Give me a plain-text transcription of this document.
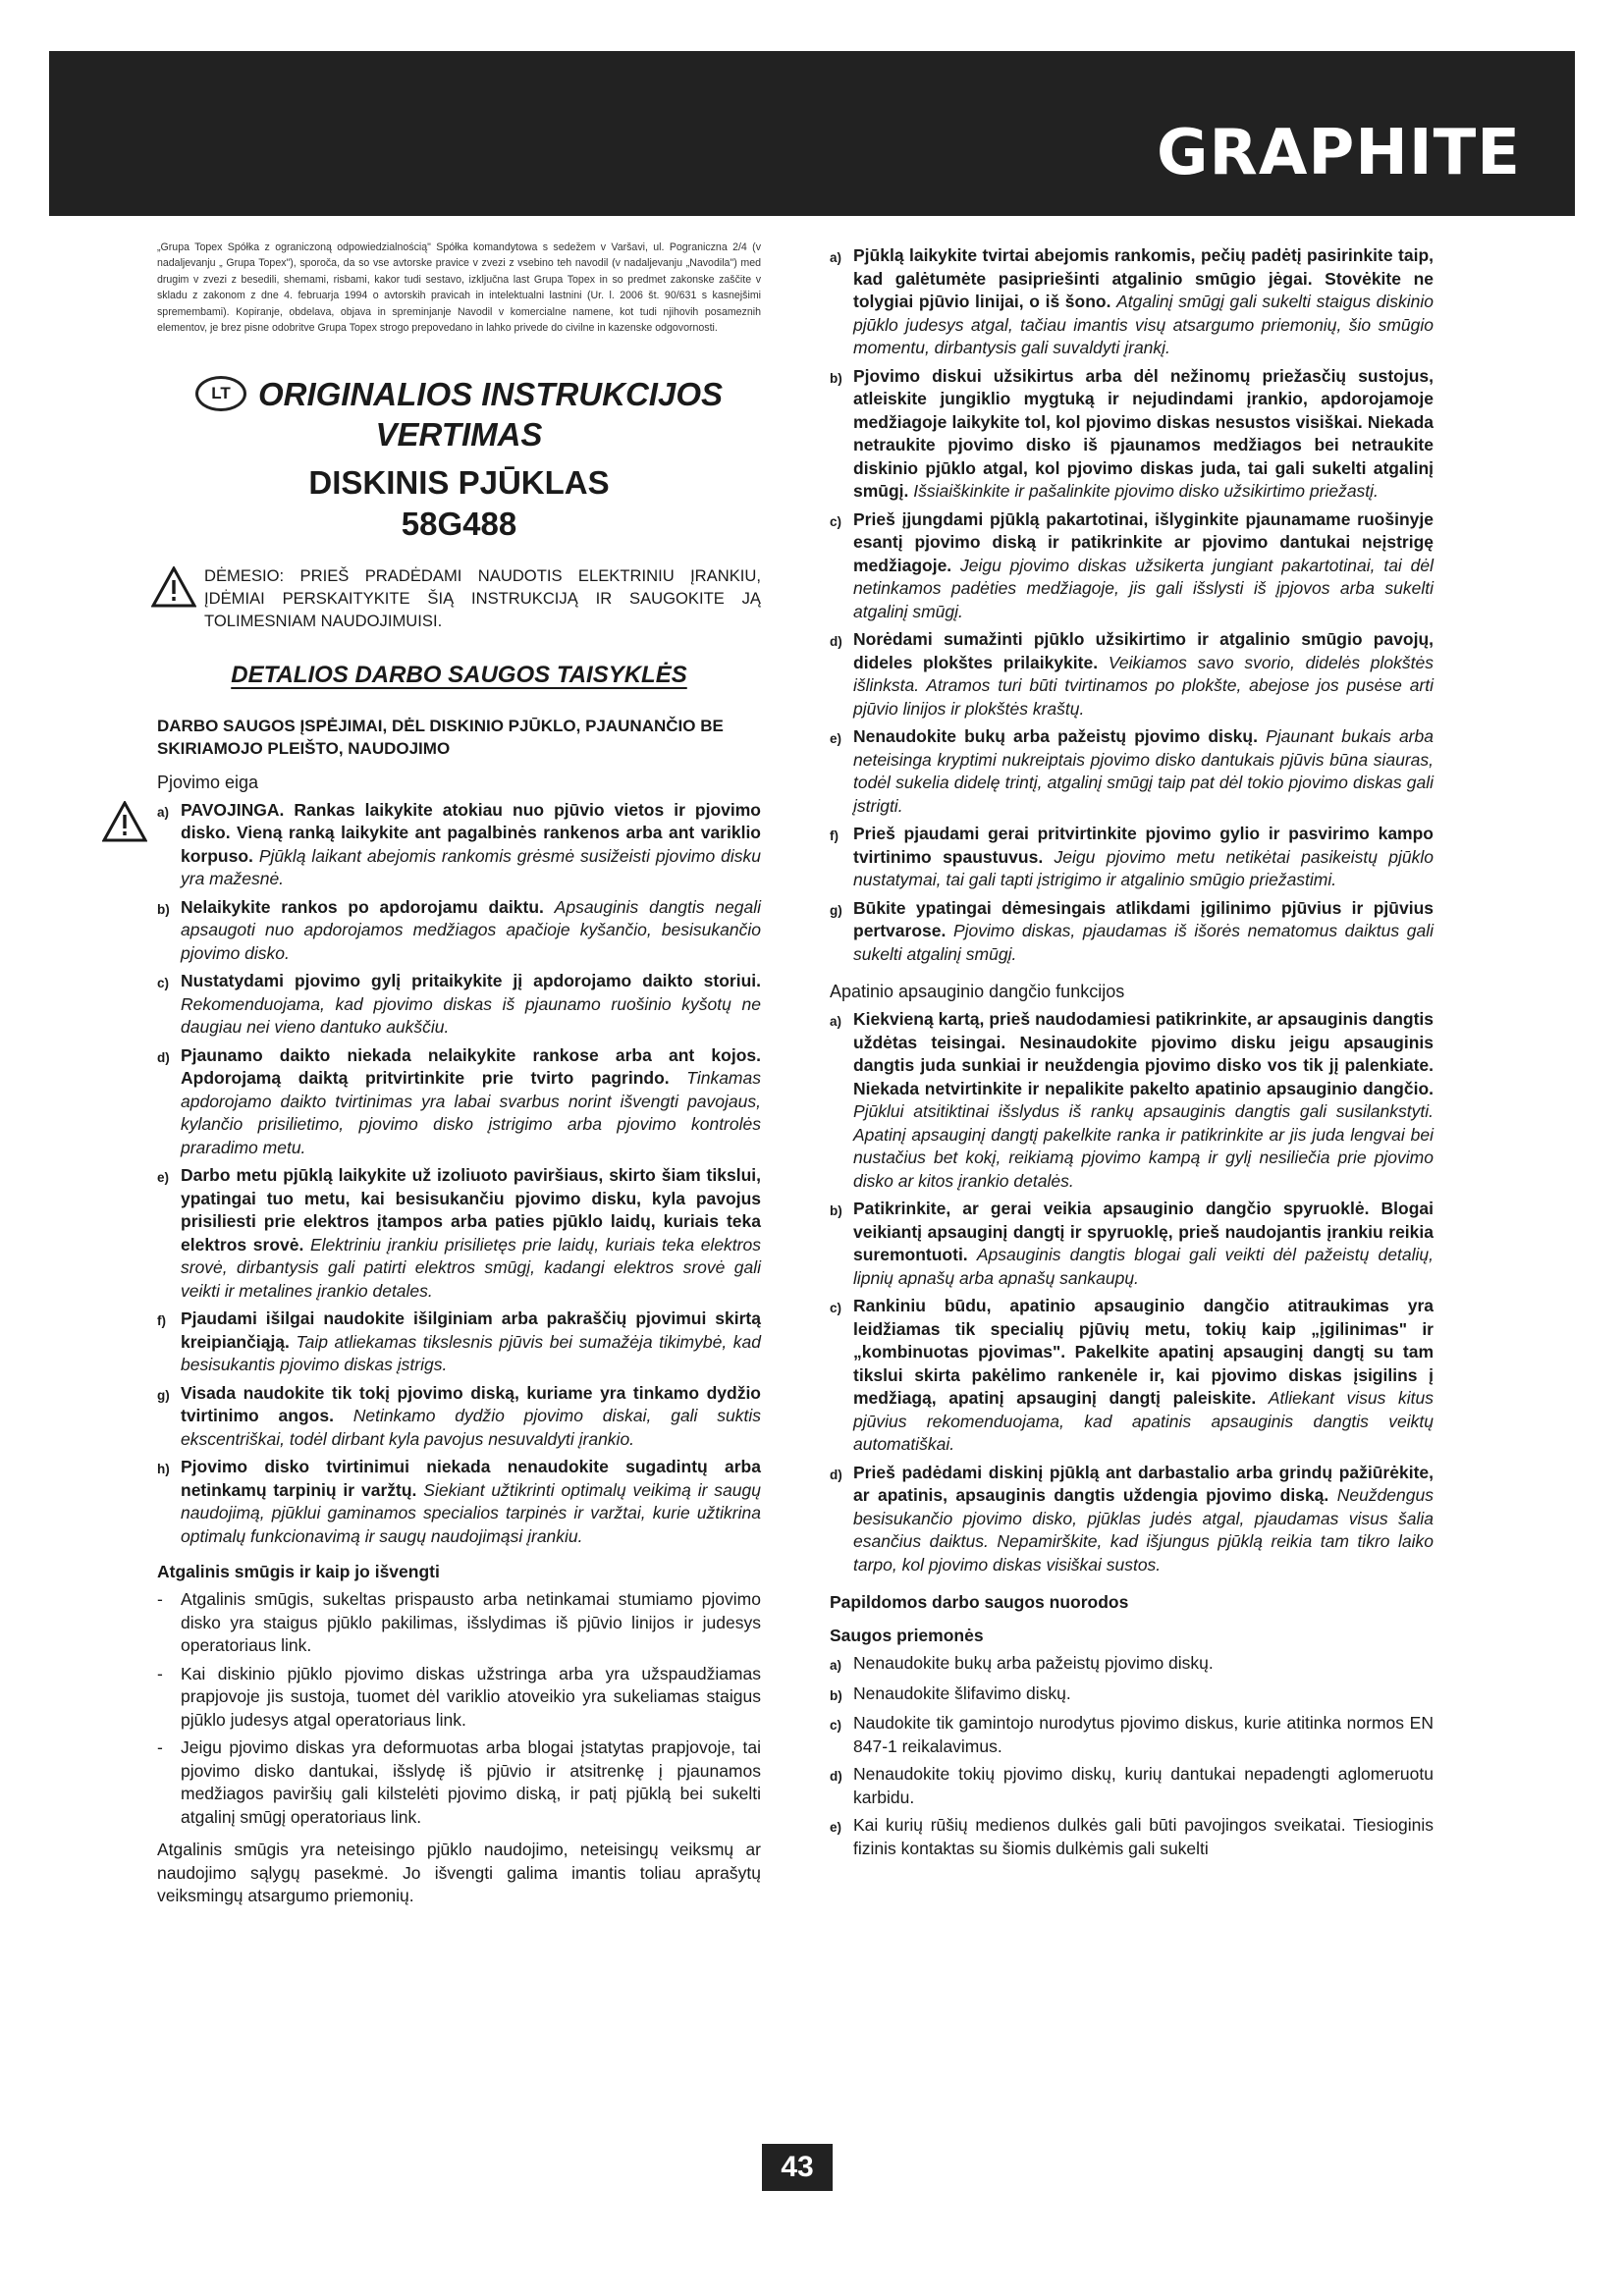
GRAPHITE

„Grupa Topex Spółka z ograniczoną odpowiedzialnością" Spółka komandytowa s sedežem v Varšavi, ul. Pograniczna 2/4 (v nadaljevanju „ Grupa Topex"), sporoča, da so vse avtorske pravice v zvezi z vsebino teh navodil (v nadaljevanju „Navodila") med drugim v zvezi z besedili, shemami, risbami, kakor tudi sestavo, izključna last Grupa Topex in so predmet zakonske zaščite v skladu z zakonom z dne 4. februarja 1994 o avtorskih pravicah in intelektualni lastnini (Ur. l. 2006 št. 90/631 s kasnejšimi spremembami). Kopiranje, obdelava, objava in spreminjanje Navodil v komercialne namene, kot tudi njihovih posameznih elementov, je brez pisne odobritve Grupa Topex strogo prepovedano in lahko privede do civilne in kazenske odgovornosti.

LT ORIGINALIOS INSTRUKCIJOS
VERTIMAS
DISKINIS PJŪKLAS
58G488
DĖMESIO: PRIEŠ PRADĖDAMI NAUDOTIS ELEKTRINIU ĮRANKIU, ĮDĖMIAI PERSKAITYKITE ŠIĄ INSTRUKCIJĄ IR SAUGOKITE JĄ TOLIMESNIAM NAUDOJIMUISI.
DETALIOS DARBO SAUGOS TAISYKLĖS
DARBO SAUGOS ĮSPĖJIMAI, DĖL DISKINIO PJŪKLO, PJAUNANČIO BE SKIRIAMOJO PLEIŠTO, NAUDOJIMO
Pjovimo eiga
a) PAVOJINGA. Rankas laikykite atokiau nuo pjūvio vietos ir pjovimo disko. Vieną ranką laikykite ant pagalbinės rankenos arba ant variklio korpuso. Pjūklą laikant abejomis rankomis grėsmė susižeisti pjovimo disku yra mažesnė.
b) Nelaikykite rankos po apdorojamu daiktu. Apsauginis dangtis negali apsaugoti nuo apdorojamos medžiagos apačioje kyšančio, besisukančio pjovimo disko.
c) Nustatydami pjovimo gylį pritaikykite jį apdorojamo daikto storiui. Rekomenduojama, kad pjovimo diskas iš pjaunamo ruošinio kyšotų ne daugiau nei vieno dantuko aukščiu.
d) Pjaunamo daikto niekada nelaikykite rankose arba ant kojos. Apdorojamą daiktą pritvirtinkite prie tvirto pagrindo. Tinkamas apdorojamo daikto tvirtinimas yra labai svarbus norint išvengti pavojaus, kylančio prisilietimo, pjovimo disko įstrigimo arba pjovimo kontrolės praradimo metu.
e) Darbo metu pjūklą laikykite už izoliuoto paviršiaus, skirto šiam tikslui, ypatingai tuo metu, kai besisukančiu pjovimo disku, kyla pavojus prisiliesti prie elektros įtampos arba paties pjūklo laidų, kuriais teka elektros srovė. Elektriniu įrankiu prisilietęs prie laidų, kuriais teka elektros srovė, dirbantysis gali patirti elektros smūgį, kadangi elektros srovė gali veikti ir metalines įrankio detales.
f) Pjaudami išilgai naudokite išilginiam arba pakraščių pjovimui skirtą kreipiančiąją. Taip atliekamas tikslesnis pjūvis bei sumažėja tikimybė, kad besisukantis pjovimo diskas įstrigs.
g) Visada naudokite tik tokį pjovimo diską, kuriame yra tinkamo dydžio tvirtinimo angos. Netinkamo dydžio pjovimo diskai, gali suktis ekscentriškai, todėl dirbant kyla pavojus nesuvaldyti įrankio.
h) Pjovimo disko tvirtinimui niekada nenaudokite sugadintų arba netinkamų tarpinių ir varžtų. Siekiant užtikrinti optimalų veikimą ir saugų naudojimą, pjūklui gaminamos specialios tarpinės ir varžtai, kurie užtikrina optimalų funkcionavimą ir saugų naudojimąsi įrankiu.
Atgalinis smūgis ir kaip jo išvengti
-	Atgalinis smūgis, sukeltas prispausto arba netinkamai stumiamo pjovimo disko yra staigus pjūklo pakilimas, išslydimas iš pjūvio linijos ir judesys operatoriaus link.
-	Kai diskinio pjūklo pjovimo diskas užstringa arba yra užspaudžiamas prapjovoje jis sustoja, tuomet dėl variklio atoveikio yra sukeliamas staigus pjūklo judesys atgal operatoriaus link.
-	Jeigu pjovimo diskas yra deformuotas arba blogai įstatytas prapjovoje, tai pjovimo disko dantukai, išslydę iš pjūvio ir atsitrenkę į pjaunamos medžiagos paviršių gali kilstelėti pjovimo diską, ir patį pjūklą bei sukelti atgalinį smūgį operatoriaus link.

Atgalinis smūgis yra neteisingo pjūklo naudojimo, neteisingų veiksmų ar naudojimo sąlygų pasekmė. Jo išvengti galima imantis toliau aprašytų veiksmingų atsargumo priemonių.

a) Pjūklą laikykite tvirtai abejomis rankomis, pečių padėtį pasirinkite taip, kad galėtumėte pasipriešinti atgalinio smūgio jėgai. Stovėkite ne tolygiai pjūvio linijai, o iš šono. Atgalinį smūgį gali sukelti staigus diskinio pjūklo judesys atgal, tačiau imantis visų atsargumo priemonių, šio smūgio momentu, dirbantysis gali suvaldyti įrankį.
b) Pjovimo diskui užsikirtus arba dėl nežinomų priežasčių sustojus, atleiskite jungiklio mygtuką ir nejudindami įrankio, apdorojamoje medžiagoje laikykite tol, kol pjovimo diskas nesustos visiškai. Niekada netraukite pjovimo disko iš pjaunamos medžiagos bei netraukite diskinio pjūklo atgal, kol pjovimo diskas juda, tai gali sukelti atgalinį smūgį. Išsiaiškinkite ir pašalinkite pjovimo disko užsikirtimo priežastį.
c) Prieš įjungdami pjūklą pakartotinai, išlyginkite pjaunamame ruošinyje esantį pjovimo diską ir patikrinkite ar pjovimo dantukai neįstrigę medžiagoje. Jeigu pjovimo diskas užsikerta jungiant pakartotinai, tai dėl netinkamos padėties medžiagoje, jis gali išslysti iš įpjovos arba sukelti atgalinį smūgį.
d) Norėdami sumažinti pjūklo užsikirtimo ir atgalinio smūgio pavojų, dideles plokštes prilaikykite. Veikiamos savo svorio, didelės plokštės išlinksta. Atramos turi būti tvirtinamos po plokšte, abejose jos pusėse arti pjūvio linijos ir plokštės kraštų.
e) Nenaudokite bukų arba pažeistų pjovimo diskų. Pjaunant bukais arba neteisinga kryptimi nukreiptais pjovimo disko dantukais pjūvis būna siauras, todėl sukelia didelę trintį, atgalinį smūgį taip pat dėl tokio pjovimo diskas gali įstrigti.
f) Prieš pjaudami gerai pritvirtinkite pjovimo gylio ir pasvirimo kampo tvirtinimo spaustuvus. Jeigu pjovimo metu netikėtai pasikeistų pjūklo nustatymai, tai gali tapti įstrigimo ir atgalinio smūgio priežastimi.
g) Būkite ypatingai dėmesingais atlikdami įgilinimo pjūvius ir pjūvius pertvarose. Pjovimo diskas, pjaudamas iš išorės nematomus daiktus gali sukelti atgalinį smūgį.
Apatinio apsauginio dangčio funkcijos
a) Kiekvieną kartą, prieš naudodamiesi patikrinkite, ar apsauginis dangtis uždėtas teisingai. Nesinaudokite pjovimo disku jeigu apsauginis dangtis juda sunkiai ir neuždengia pjovimo disko vos tik jį palenkiate. Niekada netvirtinkite ir nepalikite pakelto apatinio apsauginio dangčio. Pjūklui atsitiktinai išslydus iš rankų apsauginis dangtis gali susilankstyti. Apatinį apsauginį dangtį pakelkite ranka ir patikrinkite ar jis juda lengvai bei nustačius bet kokį, reikiamą pjovimo kampą ir gylį nesiliečia prie pjovimo disko ar kitos įrankio detalės.
b) Patikrinkite, ar gerai veikia apsauginio dangčio spyruoklė. Blogai veikiantį apsauginį dangtį ir spyruoklę, prieš naudojantis įrankiu reikia suremontuoti. Apsauginis dangtis blogai gali veikti dėl pažeistų detalių, lipnių apnašų arba apnašų sankaupų.
c) Rankiniu būdu, apatinio apsauginio dangčio atitraukimas yra leidžiamas tik specialių pjūvių metu, tokių kaip „įgilinimas" ir „kombinuotas pjovimas". Pakelkite apatinį apsauginį dangtį su tam tikslui skirta pakėlimo rankenėle ir, kai pjovimo diskas įsigilins į medžiagą, apatinį apsauginį dangtį paleiskite. Atliekant visus kitus pjūvius rekomenduojama, kad apatinis apsauginis dangtis veiktų automatiškai.
d) Prieš padėdami diskinį pjūklą ant darbastalio arba grindų pažiūrėkite, ar apatinis, apsauginis dangtis uždengia pjovimo diską. Neuždengus besisukančio pjovimo disko, pjūklas judės atgal, pjaudamas visus šalia esančius daiktus. Nepamirškite, kad išjungus pjūklą reikia tam tikro laiko tarpo, kol pjovimo diskas visiškai sustos.
Papildomos darbo saugos nuorodos
Saugos priemonės
a) Nenaudokite bukų arba pažeistų pjovimo diskų.
b) Nenaudokite šlifavimo diskų.
c) Naudokite tik gamintojo nurodytus pjovimo diskus, kurie atitinka normos EN 847-1 reikalavimus.
d) Nenaudokite tokių pjovimo diskų, kurių dantukai nepadengti aglomeruotu karbidu.
e) Kai kurių rūšių medienos dulkės gali būti pavojingos sveikatai. Tiesioginis fizinis kontaktas su šiomis dulkėmis gali sukelti
43
